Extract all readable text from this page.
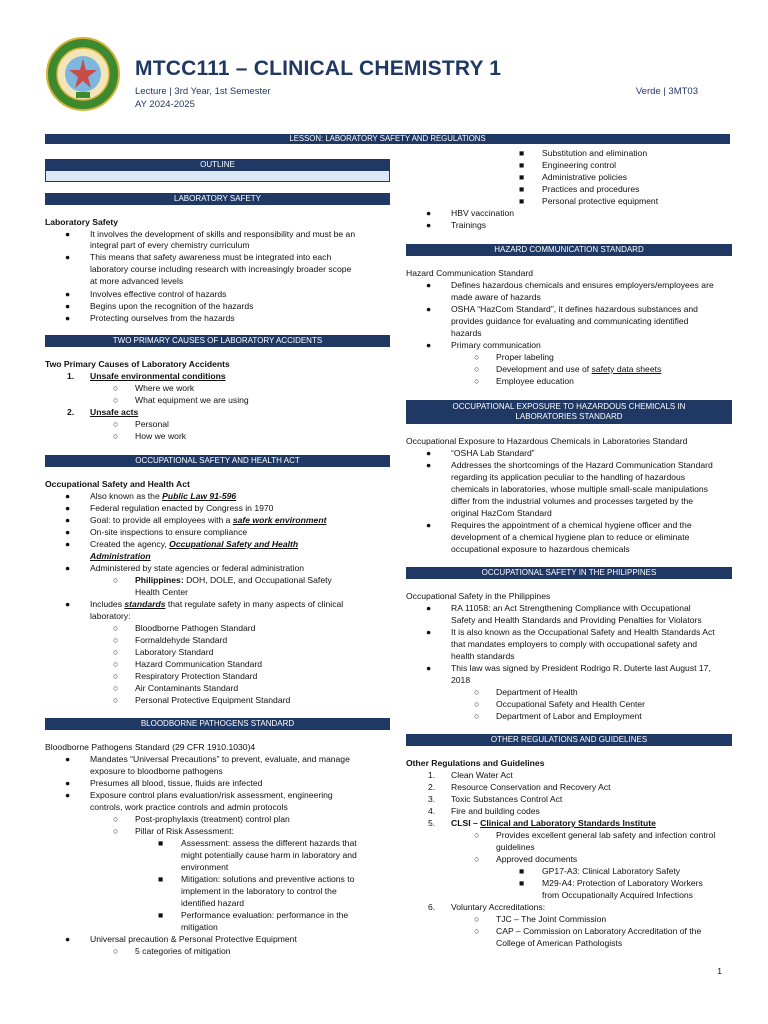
MTCC111 – CLINICAL CHEMISTRY 1
Lecture | 3rd Year, 1st Semester
AY 2024-2025
Verde | 3MT03
LESSON: LABORATORY SAFETY AND REGULATIONS
OUTLINE
LABORATORY SAFETY
Laboratory Safety
● It involves the development of skills and responsibility and must be an
integral part of every chemistry curriculum
● This means that safety awareness must be integrated into each
laboratory course including research with increasingly broader scope
at more advanced levels
● Involves effective control of hazards
● Begins upon the recognition of the hazards
● Protecting ourselves from the hazards
TWO PRIMARY CAUSES OF LABORATORY ACCIDENTS
Two Primary Causes of Laboratory Accidents
1. Unsafe environmental conditions
○ Where we work
○ What equipment we are using
2. Unsafe acts
○ Personal
○ How we work
OCCUPATIONAL SAFETY AND HEALTH ACT
Occupational Safety and Health Act
● Also known as the Public Law 91-596
● Federal regulation enacted by Congress in 1970
● Goal: to provide all employees with a safe work environment
● On-site inspections to ensure compliance
● Created the agency, Occupational Safety and Health
Administration
● Administered by state agencies or federal administration
○ Philippines: DOH, DOLE, and Occupational Safety
Health Center
● Includes standards that regulate safety in many aspects of clinical
laboratory:
○ Bloodborne Pathogen Standard
○ Formaldehyde Standard
○ Laboratory Standard
○ Hazard Communication Standard
○ Respiratory Protection Standard
○ Air Contaminants Standard
○ Personal Protective Equipment Standard
BLOODBORNE PATHOGENS STANDARD
Bloodborne Pathogens Standard (29 CFR 1910.1030)4
● Mandates “Universal Precautions” to prevent, evaluate, and manage
exposure to bloodborne pathogens
● Presumes all blood, tissue, fluids are infected
● Exposure control plans evaluation/risk assessment, engineering
controls, work practice controls and admin protocols
○ Post-prophylaxis (treatment) control plan
○ Pillar of Risk Assessment:
■ Assessment: assess the different hazards that
might potentially cause harm in laboratory and
environment
■ Mitigation: solutions and preventive actions to
implement in the laboratory to control the
identified hazard
■ Performance evaluation: performance in the
mitigation
● Universal precaution & Personal Protective Equipment
○ 5 categories of mitigation
■ Substitution and elimination
■ Engineering control
■ Administrative policies
■ Practices and procedures
■ Personal protective equipment
● HBV vaccination
● Trainings
HAZARD COMMUNICATION STANDARD
Hazard Communication Standard
● Defines hazardous chemicals and ensures employers/employees are
made aware of hazards
● OSHA “HazCom Standard”, it defines hazardous substances and
provides guidance for evaluating and communicating identified
hazards
● Primary communication
○ Proper labeling
○ Development and use of safety data sheets
○ Employee education
OCCUPATIONAL EXPOSURE TO HAZARDOUS CHEMICALS IN
LABORATORIES STANDARD
Occupational Exposure to Hazardous Chemicals in Laboratories Standard
● “OSHA Lab Standard”
● Addresses the shortcomings of the Hazard Communication Standard
regarding its application peculiar to the handling of hazardous
chemicals in laboratories, whose multiple small-scale manipulations
differ from the industrial volumes and processes targeted by the
original HazCom Standard
● Requires the appointment of a chemical hygiene officer and the
development of a chemical hygiene plan to reduce or eliminate
occupational exposure to hazardous chemicals
OCCUPATIONAL SAFETY IN THE PHILIPPINES
Occupational Safety in the Philippines
● RA 11058: an Act Strengthening Compliance with Occupational
Safety and Health Standards and Providing Penalties for Violators
● It is also known as the Occupational Safety and Health Standards Act
that mandates employers to comply with occupational safety and
health standards
● This law was signed by President Rodrigo R. Duterte last August 17,
2018
○ Department of Health
○ Occupational Safety and Health Center
○ Department of Labor and Employment
OTHER REGULATIONS AND GUIDELINES
Other Regulations and Guidelines
1. Clean Water Act
2. Resource Conservation and Recovery Act
3. Toxic Substances Control Act
4. Fire and building codes
5. CLSI – Clinical and Laboratory Standards Institute
○ Provides excellent general lab safety and infection control
guidelines
○ Approved documents
■ GP17-A3: Clinical Laboratory Safety
■ M29-A4: Protection of Laboratory Workers
from Occupationally Acquired Infections
6. Voluntary Accreditations:
○ TJC – The Joint Commission
○ CAP – Commission on Laboratory Accreditation of the
College of American Pathologists
1
